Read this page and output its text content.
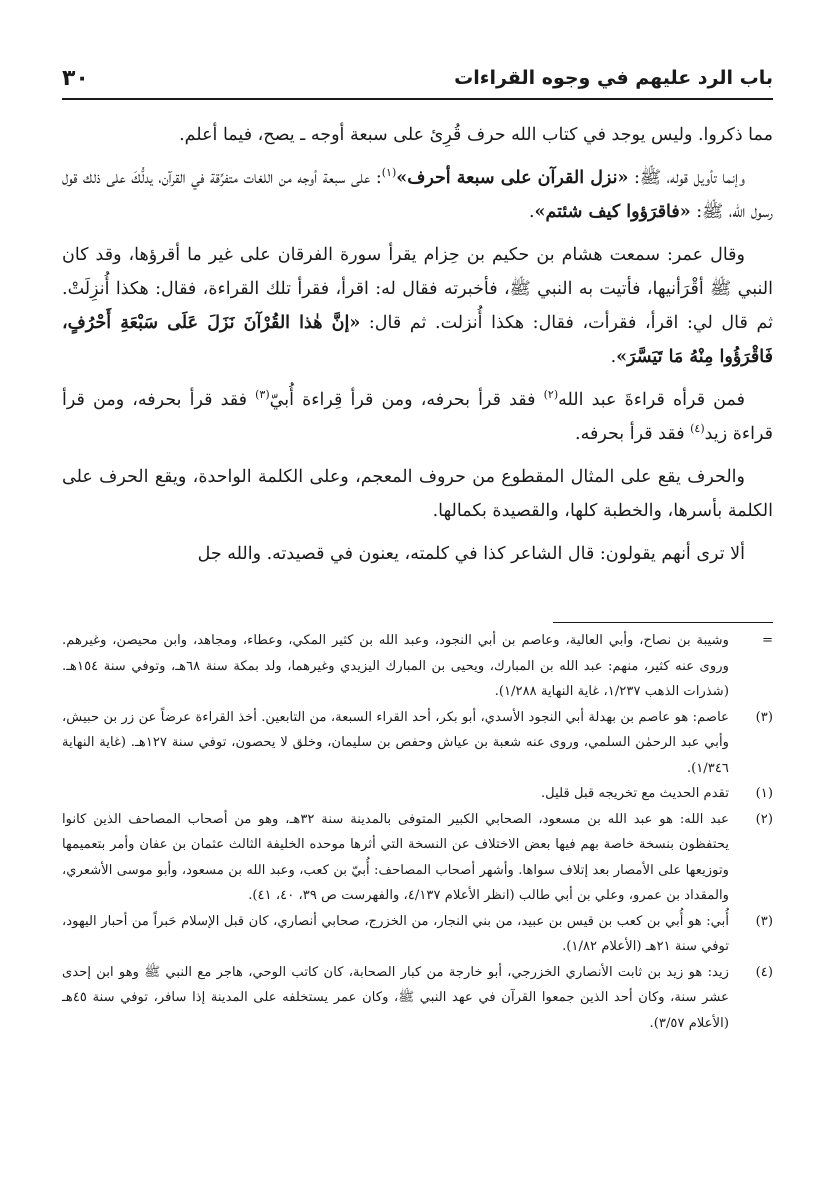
باب الرد عليهم في وجوه القراءات
٣٠

مما ذكروا. وليس يوجد في كتاب الله حرف قُرِئ على سبعة أوجه ـ يصح، فيما أعلم.

وإنما تأويل قوله، ﷺ: «نزل القرآن على سبعة أحرف»$^{(١)}$: على سبعة أوجه من اللغات متفرِّقة في القرآن، يدلُّكَ على ذلك قول رسول الله، ﷺ: «فاقرَؤوا كيف شئتم».

وقال عمر: سمعت هشام بن حكيم بن حِزام يقرأ سورة الفرقان على غير ما أقرؤها، وقد كان النبي ﷺ أقْرَأنيها، فأتيت به النبي ﷺ، فأخبرته فقال له: اقرأ، فقرأ تلك القراءة، فقال: هكذا أُنزِلَتْ. ثم قال لي: اقرأ، فقرأت، فقال: هكذا أُنزلت. ثم قال: «إنَّ هٰذا القُرْآنَ نَزَلَ عَلَى سَبْعَةِ أَحْرُفٍ، فَاقْرَؤُوا مِنْهُ مَا تَيَسَّرَ».

فمن قرأه قراءةَ عبد الله$^{(٢)}$ فقد قرأ بحرفه، ومن قرأ قِراءة أُبيّ$^{(٣)}$ فقد قرأ بحرفه، ومن قرأ قراءة زيد$^{(٤)}$ فقد قرأ بحرفه.

والحرف يقع على المثال المقطوع من حروف المعجم، وعلى الكلمة الواحدة، ويقع الحرف على الكلمة بأسرها، والخطبة كلها، والقصيدة بكمالها.

ألا ترى أنهم يقولون: قال الشاعر كذا في كلمته، يعنون في قصيدته. والله جل

=
وشيبة بن نصاح، وأبي العالية، وعاصم بن أبي النجود، وعبد الله بن كثير المكي، وعطاء، ومجاهد، وابن محيصن، وغيرهم. وروى عنه كثير، منهم: عبد الله بن المبارك، ويحيى بن المبارك اليزيدي وغيرهما، ولد بمكة سنة ٦٨هـ، وتوفي سنة ١٥٤هـ. (شذرات الذهب ١/٢٣٧، غاية النهاية ١/٢٨٨).
(٣)
عاصم: هو عاصم بن بهدلة أبي النجود الأسدي، أبو بكر، أحد القراء السبعة، من التابعين. أخذ القراءة عرضاً عن زر بن حبيش، وأبي عبد الرحمٰن السلمي، وروى عنه شعبة بن عياش وحفص بن سليمان، وخلق لا يحصون، توفي سنة ١٢٧هـ. (غاية النهاية ١/٣٤٦).
(١)
تقدم الحديث مع تخريجه قبل قليل.
(٢)
عبد الله: هو عبد الله بن مسعود، الصحابي الكبير المتوفى بالمدينة سنة ٣٢هـ، وهو من أصحاب المصاحف الذين كانوا يحتفظون بنسخة خاصة بهم فيها بعض الاختلاف عن النسخة التي أثرها موحده الخليفة الثالث عثمان بن عفان وأمر بتعميمها وتوزيعها على الأمصار بعد إتلاف سواها. وأشهر أصحاب المصاحف: أُبيّ بن كعب، وعبد الله بن مسعود، وأبو موسى الأشعري، والمقداد بن عمرو، وعلي بن أبي طالب (انظر الأعلام ٤/١٣٧، والفهرست ص ٣٩، ٤٠، ٤١).
(٣)
أُبي: هو أُبي بن كعب بن قيس بن عبيد، من بني النجار، من الخزرج، صحابي أنصاري، كان قبل الإسلام حَبراً من أحبار اليهود، توفي سنة ٢١هـ (الأعلام ١/٨٢).
(٤)
زيد: هو زيد بن ثابت الأنصاري الخزرجي، أبو خارجة من كبار الصحابة، كان كاتب الوحي، هاجر مع النبي ﷺ وهو ابن إحدى عشر سنة، وكان أحد الذين جمعوا القرآن في عهد النبي ﷺ، وكان عمر يستخلفه على المدينة إذا سافر، توفي سنة ٤٥هـ (الأعلام ٣/٥٧).
